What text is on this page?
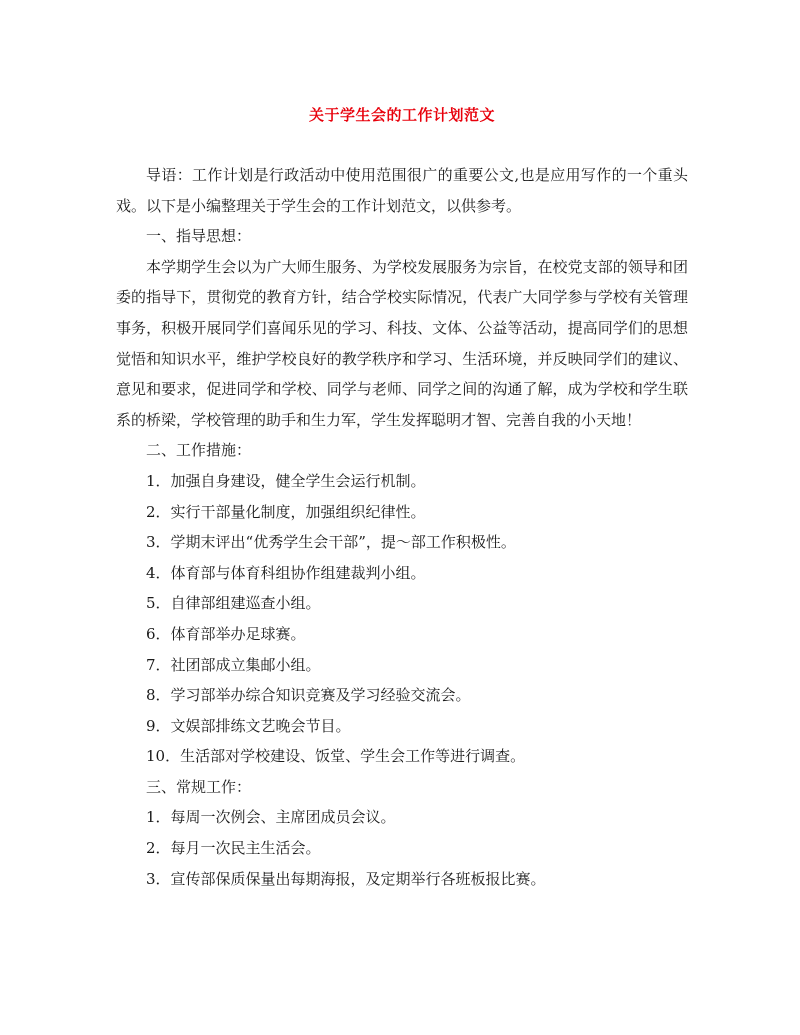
关于学生会的工作计划范文

导语：工作计划是行政活动中使用范围很广的重要公文,也是应用写作的一个重头戏。以下是小编整理关于学生会的工作计划范文，以供参考。

一、指导思想：

本学期学生会以为广大师生服务、为学校发展服务为宗旨，在校党支部的领导和团委的指导下，贯彻党的教育方针，结合学校实际情况，代表广大同学参与学校有关管理事务，积极开展同学们喜闻乐见的学习、科技、文体、公益等活动，提高同学们的思想觉悟和知识水平，维护学校良好的教学秩序和学习、生活环境，并反映同学们的建议、意见和要求，促进同学和学校、同学与老师、同学之间的沟通了解，成为学校和学生联系的桥梁，学校管理的助手和生力军，学生发挥聪明才智、完善自我的小天地！

二、工作措施：

1．加强自身建设，健全学生会运行机制。

2．实行干部量化制度，加强组织纪律性。

3．学期末评出“优秀学生会干部”，提～部工作积极性。

4．体育部与体育科组协作组建裁判小组。

5．自律部组建巡查小组。

6．体育部举办足球赛。

7．社团部成立集邮小组。

8．学习部举办综合知识竞赛及学习经验交流会。

9．文娱部排练文艺晚会节目。

10．生活部对学校建设、饭堂、学生会工作等进行调查。

三、常规工作：

1．每周一次例会、主席团成员会议。

2．每月一次民主生活会。

3．宣传部保质保量出每期海报，及定期举行各班板报比赛。
